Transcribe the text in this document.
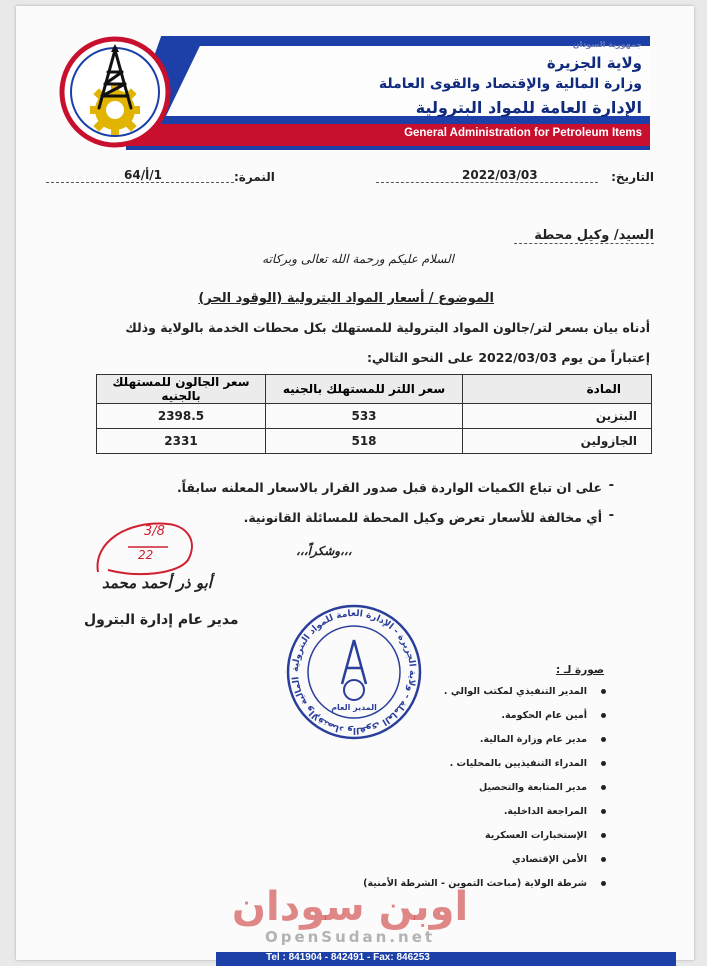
جمهورية السودان
ولاية الجزيرة
وزارة المالية والإقتصاد والقوى العاملة
الإدارة العامة للمواد البترولية
General Administration for Petroleum Items
التاريخ:
2022/03/03
النمرة:
1/أ/64
السيد/ وكيل محطة
السلام عليكم ورحمة الله تعالى وبركاته
الموضوع / أسعار المواد البترولية (الوقود الحر)
أدناه بيان بسعر لتر/جالون المواد البترولية للمستهلك بكل محطات الخدمة بالولاية وذلك
إعتباراً من يوم 2022/03/03 على النحو التالي:
المادة	سعر اللتر للمستهلك بالجنيه	سعر الجالون للمستهلك بالجنيه
البنزين	533	2398.5
الجازولين	518	2331
على ان تباع الكميات الواردة قبل صدور القرار بالاسعار المعلنه سابقاً. -
أي مخالفة للأسعار تعرض وكيل المحطة للمسائلة القانونية. -
،،،وشكراً،،،
3/8
22
أبو ذر أحمد محمد
مدير عام إدارة البترول
المالية والإقتصاد والقوى العاملة - ولاية الجزيرة - الإدارة العامة للمواد البترولية
المدير العام
صورة لـ :
المدير التنفيذي لمكتب الوالي .
أمين عام الحكومة.
مدير عام وزارة المالية.
المدراء التنفيذيين بالمحليات .
مدير المتابعة والتحصيل
المراجعة الداخلية.
الإستخبارات العسكرية
الأمن الإقتصادي
شرطة الولاية (مباحث التموين - الشرطة الأمنية)
Tel : 841904 - 842491 - Fax: 846253
اوبن سودان
OpenSudan.net
